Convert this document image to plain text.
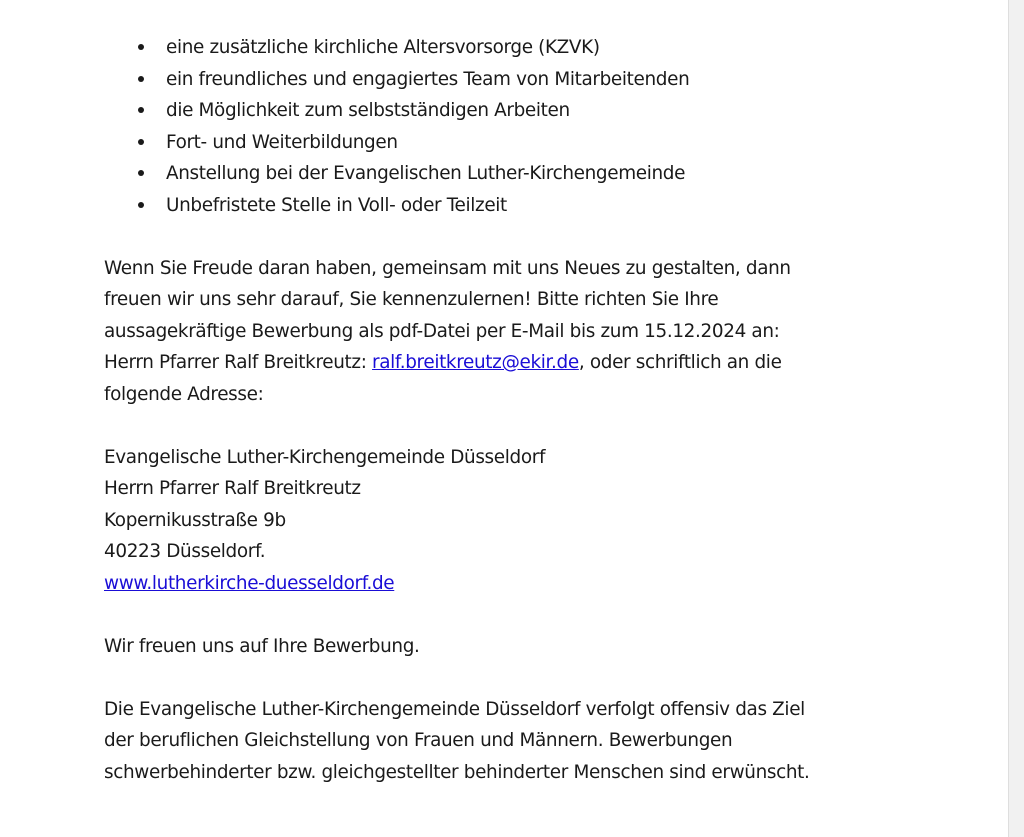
eine zusätzliche kirchliche Altersvorsorge (KZVK)
ein freundliches und engagiertes Team von Mitarbeitenden
die Möglichkeit zum selbstständigen Arbeiten
Fort- und Weiterbildungen
Anstellung bei der Evangelischen Luther-Kirchengemeinde
Unbefristete Stelle in Voll- oder Teilzeit

Wenn Sie Freude daran haben, gemeinsam mit uns Neues zu gestalten, dann
freuen wir uns sehr darauf, Sie kennenzulernen! Bitte richten Sie Ihre
aussagekräftige Bewerbung als pdf-Datei per E-Mail bis zum 15.12.2024 an:
Herrn Pfarrer Ralf Breitkreutz: ralf.breitkreutz@ekir.de, oder schriftlich an die
folgende Adresse:

Evangelische Luther-Kirchengemeinde Düsseldorf
Herrn Pfarrer Ralf Breitkreutz
Kopernikusstraße 9b
40223 Düsseldorf.
www.lutherkirche-duesseldorf.de

Wir freuen uns auf Ihre Bewerbung.

Die Evangelische Luther-Kirchengemeinde Düsseldorf verfolgt offensiv das Ziel
der beruflichen Gleichstellung von Frauen und Männern. Bewerbungen
schwerbehinderter bzw. gleichgestellter behinderter Menschen sind erwünscht.
